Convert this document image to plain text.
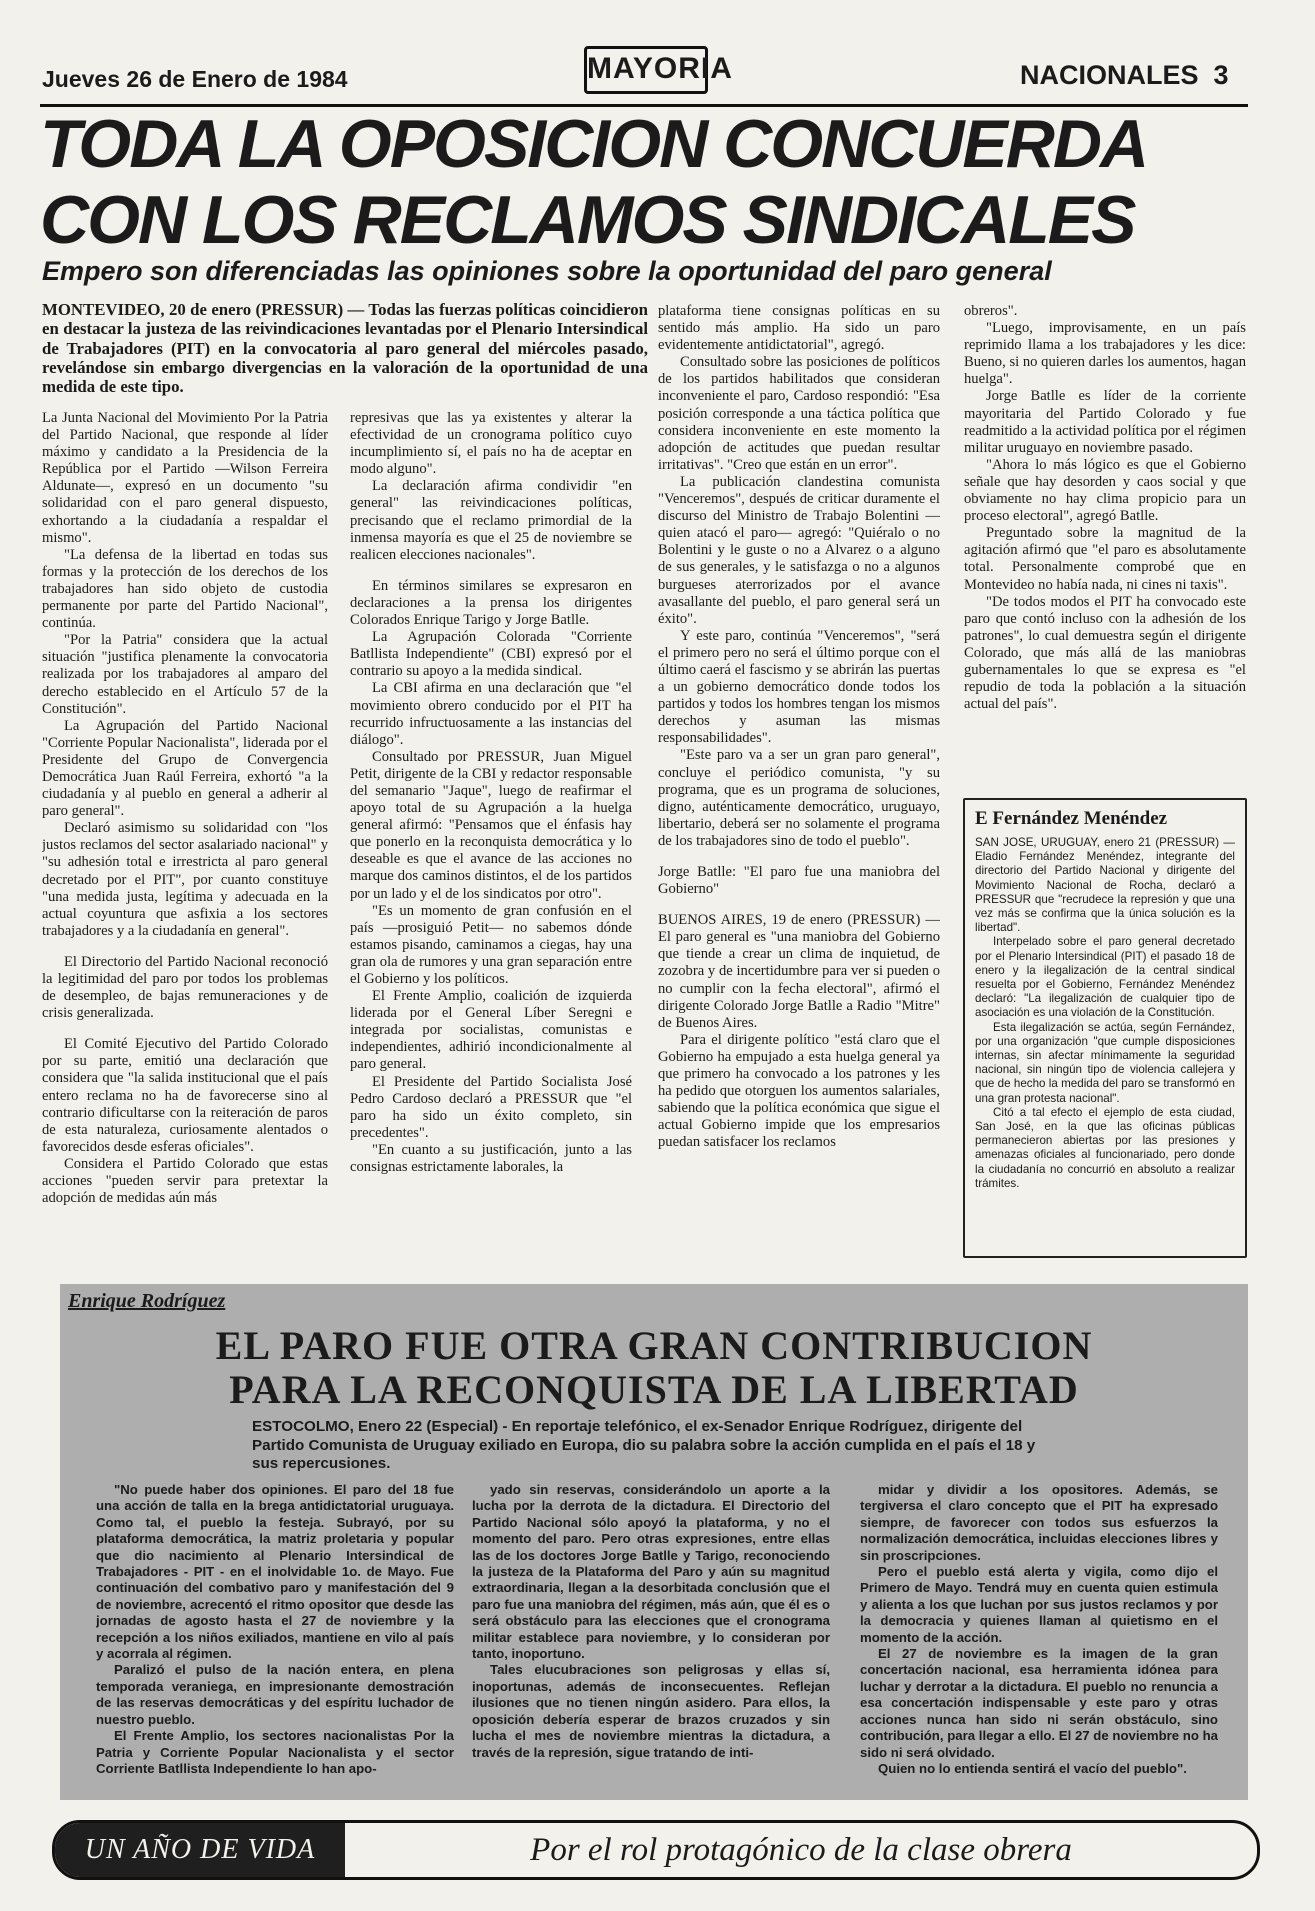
Jueves 26 de Enero de 1984	MAYORIA	NACIONALES 3
TODA LA OPOSICION CONCUERDA
CON LOS RECLAMOS SINDICALES
Empero son diferenciadas las opiniones sobre la oportunidad del paro general

MONTEVIDEO, 20 de enero (PRESSUR) — Todas las fuerzas políticas coincidieron en destacar la justeza de las reivindicaciones levantadas por el Plenario Intersindical de Trabajadores (PIT) en la convocatoria al paro general del miércoles pasado, revelándose sin embargo divergencias en la valoración de la oportunidad de una medida de este tipo.

La Junta Nacional del Movimiento Por la Patria del Partido Nacional, que responde al líder máximo y candidato a la Presidencia de la República por el Partido —Wilson Ferreira Aldunate—, expresó en un documento "su solidaridad con el paro general dispuesto, exhortando a la ciudadanía a respaldar el mismo".

"La defensa de la libertad en todas sus formas y la protección de los derechos de los trabajadores han sido objeto de custodia permanente por parte del Partido Nacional", continúa.

"Por la Patria" considera que la actual situación "justifica plenamente la convocatoria realizada por los trabajadores al amparo del derecho establecido en el Artículo 57 de la Constitución".

La Agrupación del Partido Nacional "Corriente Popular Nacionalista", liderada por el Presidente del Grupo de Convergencia Democrática Juan Raúl Ferreira, exhortó "a la ciudadanía y al pueblo en general a adherir al paro general".

Declaró asimismo su solidaridad con "los justos reclamos del sector asalariado nacional" y "su adhesión total e irrestricta al paro general decretado por el PIT", por cuanto constituye "una medida justa, legítima y adecuada en la actual coyuntura que asfixia a los sectores trabajadores y a la ciudadanía en general".

El Directorio del Partido Nacional reconoció la legitimidad del paro por todos los problemas de desempleo, de bajas remuneraciones y de crisis generalizada.

El Comité Ejecutivo del Partido Colorado por su parte, emitió una declaración que considera que "la salida institucional que el país entero reclama no ha de favorecerse sino al contrario dificultarse con la reiteración de paros de esta naturaleza, curiosamente alentados o favorecidos desde esferas oficiales".

Considera el Partido Colorado que estas acciones "pueden servir para pretextar la adopción de medidas aún más

represivas que las ya existentes y alterar la efectividad de un cronograma político cuyo incumplimiento sí, el país no ha de aceptar en modo alguno".

La declaración afirma condividir "en general" las reivindicaciones políticas, precisando que el reclamo primordial de la inmensa mayoría es que el 25 de noviembre se realicen elecciones nacionales".

En términos similares se expresaron en declaraciones a la prensa los dirigentes Colorados Enrique Tarigo y Jorge Batlle.

La Agrupación Colorada "Corriente Batllista Independiente" (CBI) expresó por el contrario su apoyo a la medida sindical.

La CBI afirma en una declaración que "el movimiento obrero conducido por el PIT ha recurrido infructuosamente a las instancias del diálogo".

Consultado por PRESSUR, Juan Miguel Petit, dirigente de la CBI y redactor responsable del semanario "Jaque", luego de reafirmar el apoyo total de su Agrupación a la huelga general afirmó: "Pensamos que el énfasis hay que ponerlo en la reconquista democrática y lo deseable es que el avance de las acciones no marque dos caminos distintos, el de los partidos por un lado y el de los sindicatos por otro".

"Es un momento de gran confusión en el país —prosiguió Petit— no sabemos dónde estamos pisando, caminamos a ciegas, hay una gran ola de rumores y una gran separación entre el Gobierno y los políticos.

El Frente Amplio, coalición de izquierda liderada por el General Líber Seregni e integrada por socialistas, comunistas e independientes, adhirió incondicionalmente al paro general.

El Presidente del Partido Socialista José Pedro Cardoso declaró a PRESSUR que "el paro ha sido un éxito completo, sin precedentes".

"En cuanto a su justificación, junto a las consignas estrictamente laborales, la

plataforma tiene consignas políticas en su sentido más amplio. Ha sido un paro evidentemente antidictatorial", agregó.

Consultado sobre las posiciones de políticos de los partidos habilitados que consideran inconveniente el paro, Cardoso respondió: "Esa posición corresponde a una táctica política que considera inconveniente en este momento la adopción de actitudes que puedan resultar irritativas". "Creo que están en un error".

La publicación clandestina comunista "Venceremos", después de criticar duramente el discurso del Ministro de Trabajo Bolentini —quien atacó el paro— agregó: "Quiéralo o no Bolentini y le guste o no a Alvarez o a alguno de sus generales, y le satisfazga o no a algunos burgueses aterrorizados por el avance avasallante del pueblo, el paro general será un éxito".

Y este paro, continúa "Venceremos", "será el primero pero no será el último porque con el último caerá el fascismo y se abrirán las puertas a un gobierno democrático donde todos los partidos y todos los hombres tengan los mismos derechos y asuman las mismas responsabilidades".

"Este paro va a ser un gran paro general", concluye el periódico comunista, "y su programa, que es un programa de soluciones, digno, auténticamente democrático, uruguayo, libertario, deberá ser no solamente el programa de los trabajadores sino de todo el pueblo".

Jorge Batlle: "El paro fue una maniobra del Gobierno"

BUENOS AIRES, 19 de enero (PRESSUR) — El paro general es "una maniobra del Gobierno que tiende a crear un clima de inquietud, de zozobra y de incertidumbre para ver si pueden o no cumplir con la fecha electoral", afirmó el dirigente Colorado Jorge Batlle a Radio "Mitre" de Buenos Aires.

Para el dirigente político "está claro que el Gobierno ha empujado a esta huelga general ya que primero ha convocado a los patrones y les ha pedido que otorguen los aumentos salariales, sabiendo que la política económica que sigue el actual Gobierno impide que los empresarios puedan satisfacer los reclamos

obreros".

"Luego, improvisamente, en un país reprimido llama a los trabajadores y les dice: Bueno, si no quieren darles los aumentos, hagan huelga".

Jorge Batlle es líder de la corriente mayoritaria del Partido Colorado y fue readmitido a la actividad política por el régimen militar uruguayo en noviembre pasado.

"Ahora lo más lógico es que el Gobierno señale que hay desorden y caos social y que obviamente no hay clima propicio para un proceso electoral", agregó Batlle.

Preguntado sobre la magnitud de la agitación afirmó que "el paro es absolutamente total. Personalmente comprobé que en Montevideo no había nada, ni cines ni taxis".

"De todos modos el PIT ha convocado este paro que contó incluso con la adhesión de los patrones", lo cual demuestra según el dirigente Colorado, que más allá de las maniobras gubernamentales lo que se expresa es "el repudio de toda la población a la situación actual del país".

E Fernández Menéndez

SAN JOSE, URUGUAY, enero 21 (PRESSUR) — Eladio Fernández Menéndez, integrante del directorio del Partido Nacional y dirigente del Movimiento Nacional de Rocha, declaró a PRESSUR que "recrudece la represión y que una vez más se confirma que la única solución es la libertad".

Interpelado sobre el paro general decretado por el Plenario Intersindical (PIT) el pasado 18 de enero y la ilegalización de la central sindical resuelta por el Gobierno, Fernández Menéndez declaró: "La ilegalización de cualquier tipo de asociación es una violación de la Constitución.

Esta ilegalización se actúa, según Fernández, por una organización "que cumple disposiciones internas, sin afectar mínimamente la seguridad nacional, sin ningún tipo de violencia callejera y que de hecho la medida del paro se transformó en una gran protesta nacional".

Citó a tal efecto el ejemplo de esta ciudad, San José, en la que las oficinas públicas permanecieron abiertas por las presiones y amenazas oficiales al funcionariado, pero donde la ciudadanía no concurrió en absoluto a realizar trámites.

Enrique Rodríguez

EL PARO FUE OTRA GRAN CONTRIBUCION
PARA LA RECONQUISTA DE LA LIBERTAD

ESTOCOLMO, Enero 22 (Especial) - En reportaje telefónico, el ex-Senador Enrique Rodríguez, dirigente del Partido Comunista de Uruguay exiliado en Europa, dio su palabra sobre la acción cumplida en el país el 18 y sus repercusiones.

"No puede haber dos opiniones. El paro del 18 fue una acción de talla en la brega antidictatorial uruguaya. Como tal, el pueblo la festeja. Subrayó, por su plataforma democrática, la matriz proletaria y popular que dio nacimiento al Plenario Intersindical de Trabajadores - PIT - en el inolvidable 1o. de Mayo. Fue continuación del combativo paro y manifestación del 9 de noviembre, acrecentó el ritmo opositor que desde las jornadas de agosto hasta el 27 de noviembre y la recepción a los niños exiliados, mantiene en vilo al país y acorrala al régimen.

Paralizó el pulso de la nación entera, en plena temporada veraniega, en impresionante demostración de las reservas democráticas y del espíritu luchador de nuestro pueblo.

El Frente Amplio, los sectores nacionalistas Por la Patria y Corriente Popular Nacionalista y el sector Corriente Batllista Independiente lo han apo-

yado sin reservas, considerándolo un aporte a la lucha por la derrota de la dictadura. El Directorio del Partido Nacional sólo apoyó la plataforma, y no el momento del paro. Pero otras expresiones, entre ellas las de los doctores Jorge Batlle y Tarigo, reconociendo la justeza de la Plataforma del Paro y aún su magnitud extraordinaria, llegan a la desorbitada conclusión que el paro fue una maniobra del régimen, más aún, que él es o será obstáculo para las elecciones que el cronograma militar establece para noviembre, y lo consideran por tanto, inoportuno.

Tales elucubraciones son peligrosas y ellas sí, inoportunas, además de inconsecuentes. Reflejan ilusiones que no tienen ningún asidero. Para ellos, la oposición debería esperar de brazos cruzados y sin lucha el mes de noviembre mientras la dictadura, a través de la represión, sigue tratando de inti-

midar y dividir a los opositores. Además, se tergiversa el claro concepto que el PIT ha expresado siempre, de favorecer con todos sus esfuerzos la normalización democrática, incluidas elecciones libres y sin proscripciones.

Pero el pueblo está alerta y vigila, como dijo el Primero de Mayo. Tendrá muy en cuenta quien estimula y alienta a los que luchan por sus justos reclamos y por la democracia y quienes llaman al quietismo en el momento de la acción.

El 27 de noviembre es la imagen de la gran concertación nacional, esa herramienta idónea para luchar y derrotar a la dictadura. El pueblo no renuncia a esa concertación indispensable y este paro y otras acciones nunca han sido ni serán obstáculo, sino contribución, para llegar a ello. El 27 de noviembre no ha sido ni será olvidado.

Quien no lo entienda sentirá el vacío del pueblo".

UN AÑO DE VIDA	Por el rol protagónico de la clase obrera
